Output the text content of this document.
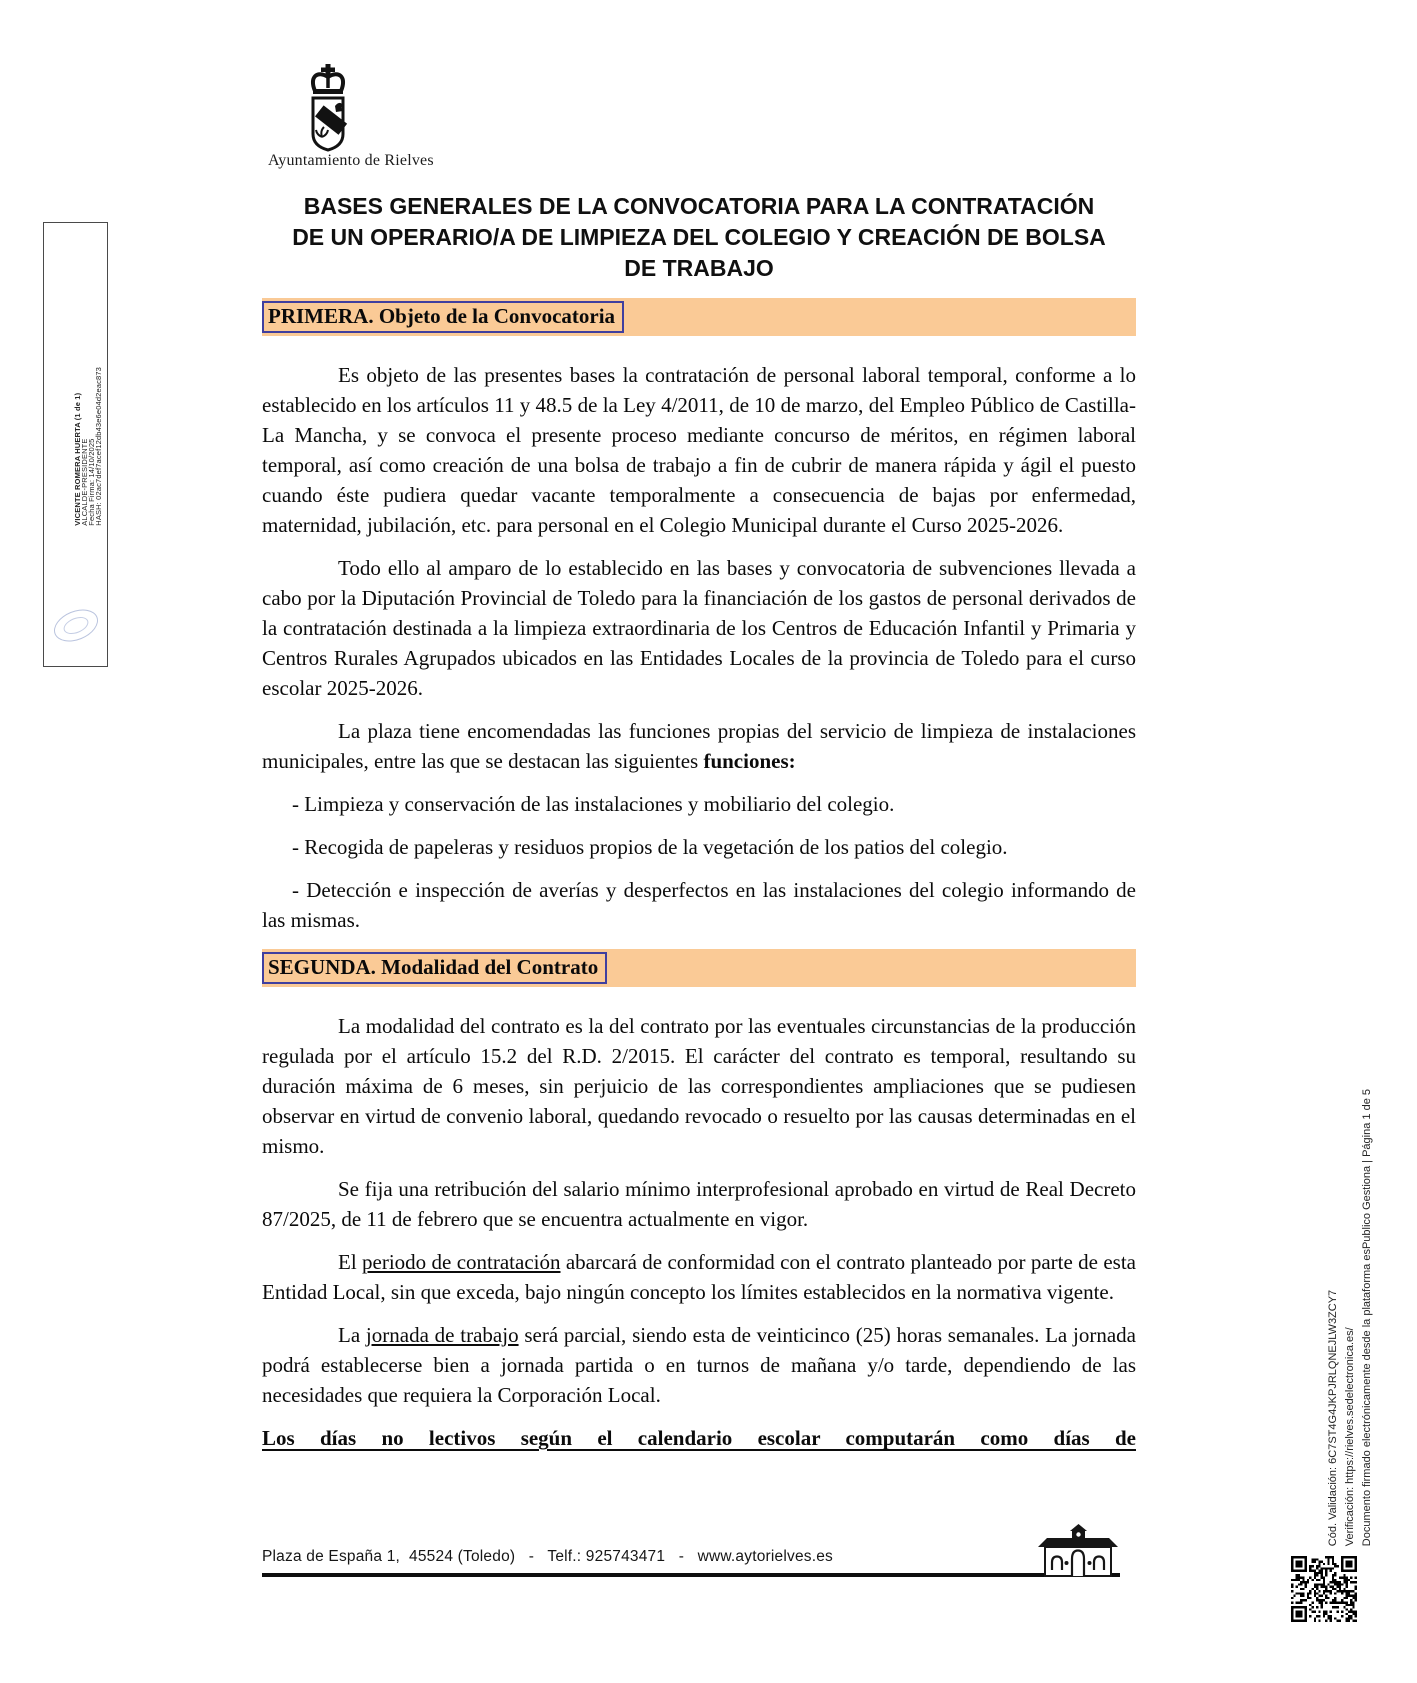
Ayuntamiento de Rielves
BASES GENERALES DE LA CONVOCATORIA PARA LA CONTRATACIÓN
DE UN OPERARIO/A DE LIMPIEZA DEL COLEGIO Y CREACIÓN DE BOLSA
DE TRABAJO
PRIMERA. Objeto de la Convocatoria

Es objeto de las presentes bases la contratación de personal laboral temporal, conforme a lo establecido en los artículos 11 y 48.5 de la Ley 4/2011, de 10 de marzo, del Empleo Público de Castilla-La Mancha, y se convoca el presente proceso mediante concurso de méritos, en régimen laboral temporal, así como creación de una bolsa de trabajo a fin de cubrir de manera rápida y ágil el puesto cuando éste pudiera quedar vacante temporalmente a consecuencia de bajas por enfermedad, maternidad, jubilación, etc. para personal en el Colegio Municipal durante el Curso 2025-2026.

Todo ello al amparo de lo establecido en las bases y convocatoria de subvenciones llevada a cabo por la Diputación Provincial de Toledo para la financiación de los gastos de personal derivados de la contratación destinada a la limpieza extraordinaria de los Centros de Educación Infantil y Primaria y Centros Rurales Agrupados ubicados en las Entidades Locales de la provincia de Toledo para el curso escolar 2025-2026.

La plaza tiene encomendadas las funciones propias del servicio de limpieza de instalaciones municipales, entre las que se destacan las siguientes funciones:

- Limpieza y conservación de las instalaciones y mobiliario del colegio.

- Recogida de papeleras y residuos propios de la vegetación de los patios del colegio.

- Detección e inspección de averías y desperfectos en las instalaciones del colegio informando de las mismas.

SEGUNDA. Modalidad del Contrato

La modalidad del contrato es la del contrato por las eventuales circunstancias de la producción regulada por el artículo 15.2 del R.D. 2/2015. El carácter del contrato es temporal, resultando su duración máxima de 6 meses, sin perjuicio de las correspondientes ampliaciones que se pudiesen observar en virtud de convenio laboral, quedando revocado o resuelto por las causas determinadas en el mismo.

Se fija una retribución del salario mínimo interprofesional aprobado en virtud de Real Decreto 87/2025, de 11 de febrero que se encuentra actualmente en vigor.

El periodo de contratación abarcará de conformidad con el contrato planteado por parte de esta Entidad Local, sin que exceda, bajo ningún concepto los límites establecidos en la normativa vigente.

La jornada de trabajo será parcial, siendo esta de veinticinco (25) horas semanales. La jornada podrá establecerse bien a jornada partida o en turnos de mañana y/o tarde, dependiendo de las necesidades que requiera la Corporación Local.

Los días no lectivos según el calendario escolar computarán como días de

VICENTE ROMERA HUERTA (1 de 1)
ALCALDE-PRESIDENTE
Fecha Firma: 14/10/2025
HASH: 02ac7def7acef12db43e6e04d2eac873
Cód. Validación: 6C7ST4G4JKPJRLQNEJLW3ZCY7 Verificación: https://rielves.sedelectronica.es/ Documento firmado electrónicamente desde la plataforma esPublico Gestiona | Página 1 de 5
Plaza de España 1,  45524 (Toledo)   -   Telf.: 925743471   -   www.aytorielves.es
